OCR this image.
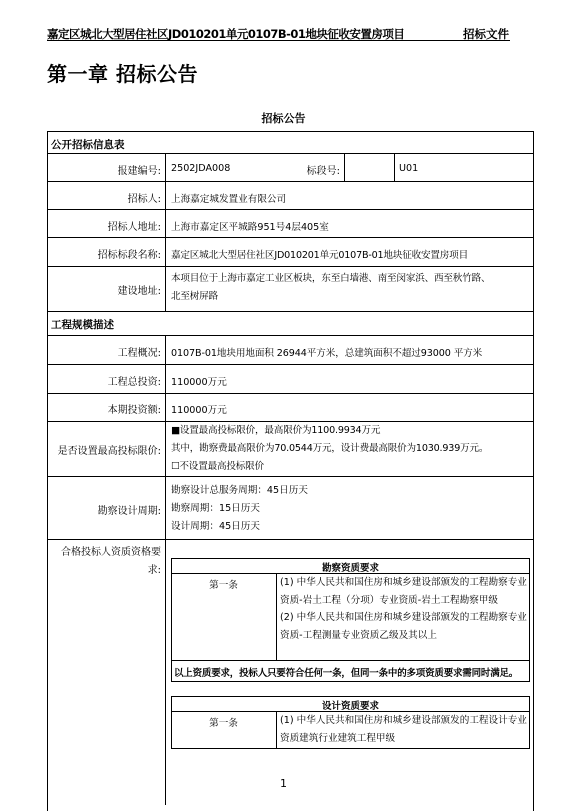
嘉定区城北大型居住社区JD010201单元0107B-01地块征收安置房项目	招标文件
第一章 招标公告
招标公告
公开招标信息表
报建编号: 2502JDA008	标段号:	U01
招标人: 上海嘉定城发置业有限公司
招标人地址: 上海市嘉定区平城路951号4层405室
招标标段名称: 嘉定区城北大型居住社区JD010201单元0107B-01地块征收安置房项目
建设地址:
本项目位于上海市嘉定工业区板块，东至白墙港、南至闵家浜、西至秋竹路、
北至树屏路
工程规模描述
工程概况: 0107B-01地块用地面积 26944平方米，总建筑面积不超过93000 平方米
工程总投资: 110000万元
本期投资额: 110000万元
是否设置最高投标限价:
■设置最高投标限价，最高限价为1100.9934万元
其中，勘察费最高限价为70.0544万元，设计费最高限价为1030.939万元。
☐不设置最高投标限价
勘察设计周期:
勘察设计总服务周期：45日历天
勘察周期：15日历天
设计周期：45日历天
合格投标人资质资格要
求:	勘察资质要求
第一条	(1) 中华人民共和国住房和城乡建设部颁发的工程勘察专业资质-岩土工程（分项）专业资质-岩土工程勘察甲级
(2) 中华人民共和国住房和城乡建设部颁发的工程勘察专业资质-工程测量专业资质乙级及其以上
以上资质要求，投标人只要符合任何一条，但同一条中的多项资质要求需同时满足。
设计资质要求
第一条	(1) 中华人民共和国住房和城乡建设部颁发的工程设计专业资质建筑行业建筑工程甲级
1
